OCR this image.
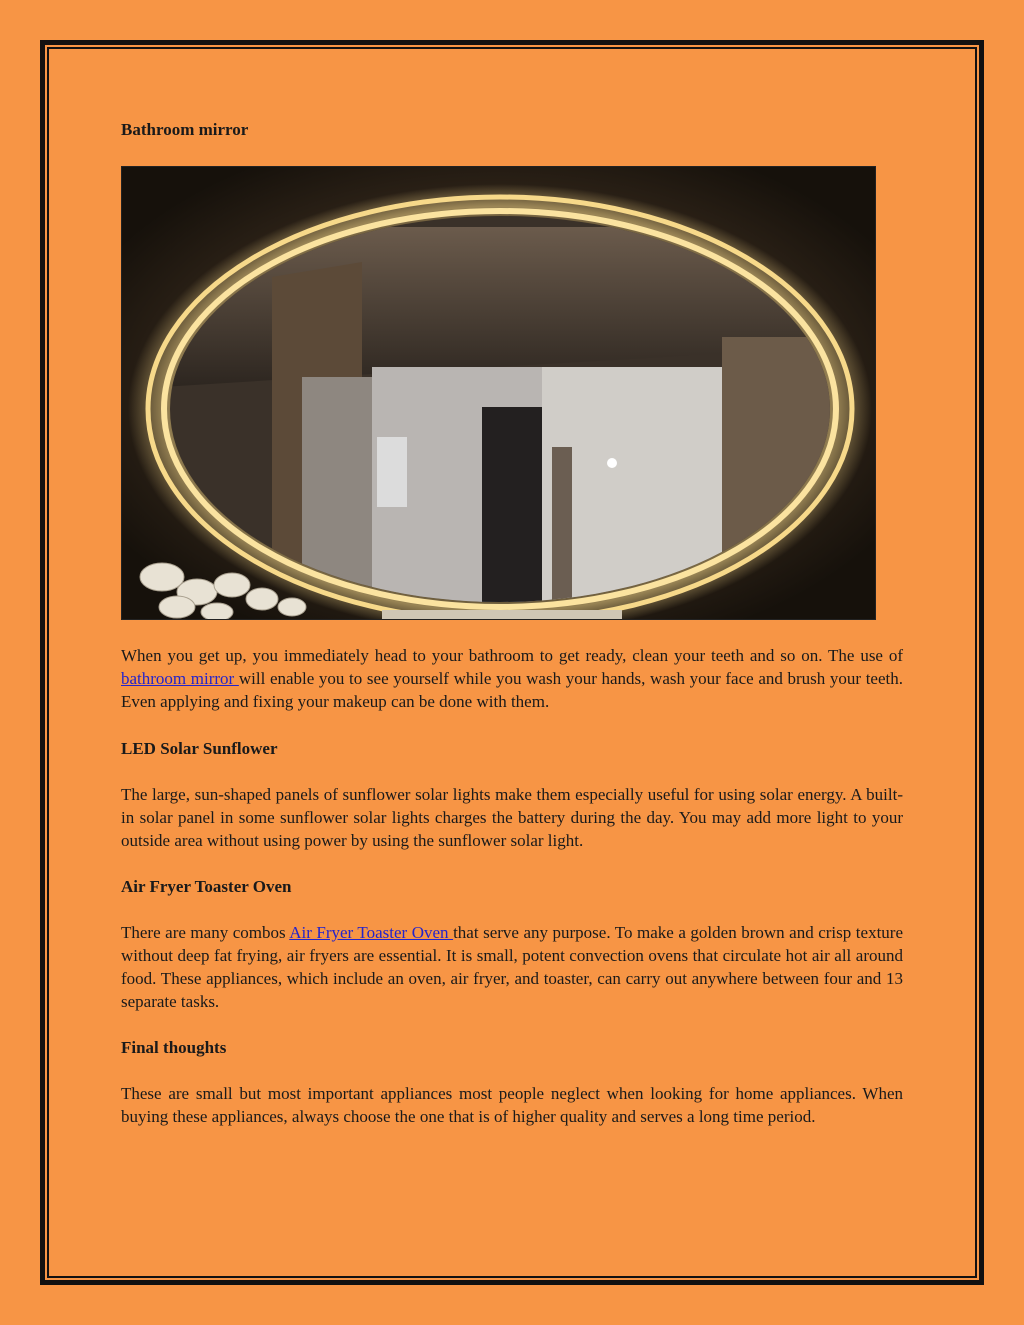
Bathroom mirror

When you get up, you immediately head to your bathroom to get ready, clean your teeth and so on. The use of bathroom mirror will enable you to see yourself while you wash your hands, wash your face and brush your teeth. Even applying and fixing your makeup can be done with them.

LED Solar Sunflower

The large, sun-shaped panels of sunflower solar lights make them especially useful for using solar energy. A built-in solar panel in some sunflower solar lights charges the battery during the day. You may add more light to your outside area without using power by using the sunflower solar light.

Air Fryer Toaster Oven

There are many combos Air Fryer Toaster Oven that serve any purpose. To make a golden brown and crisp texture without deep fat frying, air fryers are essential. It is small, potent convection ovens that circulate hot air all around food. These appliances, which include an oven, air fryer, and toaster, can carry out anywhere between four and 13 separate tasks.

Final thoughts

These are small but most important appliances most people neglect when looking for home appliances. When buying these appliances, always choose the one that is of higher quality and serves a long time period.
